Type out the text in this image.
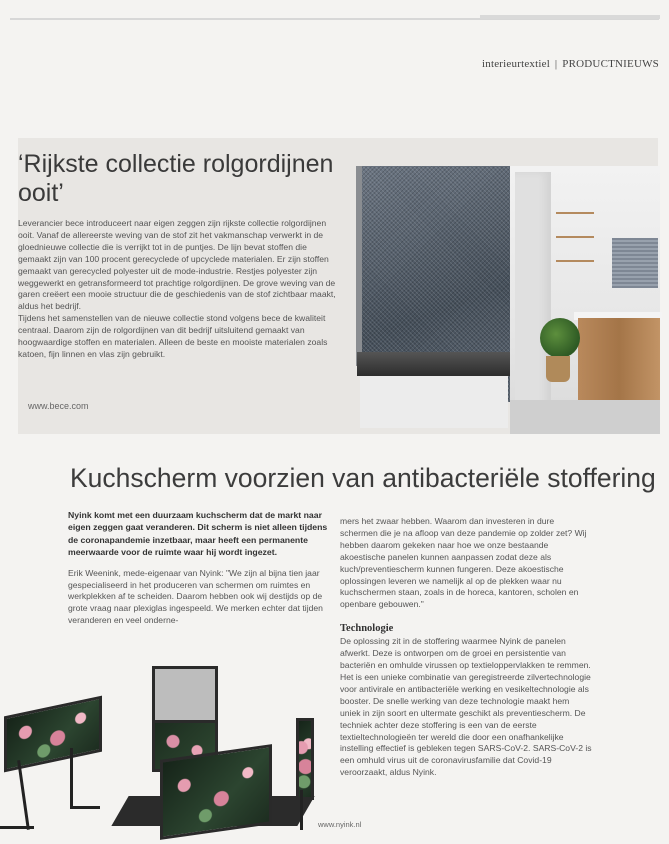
interieurtextiel | PRODUCTNIEUWS
‘Rijkste collectie rolgordijnen ooit’

Leverancier bece introduceert naar eigen zeggen zijn rijkste collectie rolgordijnen ooit. Vanaf de allereerste weving van de stof zit het vakmanschap verwerkt in de gloednieuwe collectie die is verrijkt tot in de puntjes. De lijn bevat stoffen die gemaakt zijn van 100 procent gerecyclede of upcyclede materialen. Er zijn stoffen gemaakt van gerecycled polyester uit de mode-industrie. Restjes polyester zijn weggewerkt en getransformeerd tot prachtige rolgordijnen. De grove weving van de garen creëert een mooie structuur die de geschiedenis van de stof zichtbaar maakt, aldus het bedrijf.

Tijdens het samenstellen van de nieuwe collectie stond volgens bece de kwaliteit centraal. Daarom zijn de rolgordijnen van dit bedrijf uitsluitend gemaakt van hoogwaardige stoffen en materialen. Alleen de beste en mooiste materialen zoals katoen, fijn linnen en vlas zijn gebruikt.

www.bece.com
Kuchscherm voorzien van antibacteriële stoffering

Nyink komt met een duurzaam kuchscherm dat de markt naar eigen zeggen gaat veranderen. Dit scherm is niet alleen tijdens de coronapandemie inzetbaar, maar heeft een permanente meerwaarde voor de ruimte waar hij wordt ingezet.

Erik Weenink, mede-eigenaar van Nyink: "We zijn al bijna tien jaar gespecialiseerd in het produceren van schermen om ruimtes en werkplekken af te scheiden. Daarom hebben ook wij destijds op de grote vraag naar plexiglas ingespeeld. We merken echter dat tijden veranderen en veel onderne-

mers het zwaar hebben. Waarom dan investeren in dure schermen die je na afloop van deze pandemie op zolder zet? Wij hebben daarom gekeken naar hoe we onze bestaande akoestische panelen kunnen aanpassen zodat deze als kuch/preventiescherm kunnen fungeren. Deze akoestische oplossingen leveren we namelijk al op de plekken waar nu kuchschermen staan, zoals in de horeca, kantoren, scholen en openbare gebouwen."

Technologie

De oplossing zit in de stoffering waarmee Nyink de panelen afwerkt. Deze is ontworpen om de groei en persistentie van bacteriën en omhulde virussen op textieloppervlakken te remmen. Het is een unieke combinatie van geregistreerde zilvertechnologie voor antivirale en antibacteriële werking en vesikeltechnologie als booster. De snelle werking van deze technologie maakt hem uniek in zijn soort en ultermate geschikt als preventiescherm. De techniek achter deze stoffering is een van de eerste textieltechnologieën ter wereld die door een onafhankelijke instelling effectief is gebleken tegen SARS-CoV-2. SARS-CoV-2 is een omhuld virus uit de coronavirusfamilie dat Covid-19 veroorzaakt, aldus Nyink.

www.nyink.nl
